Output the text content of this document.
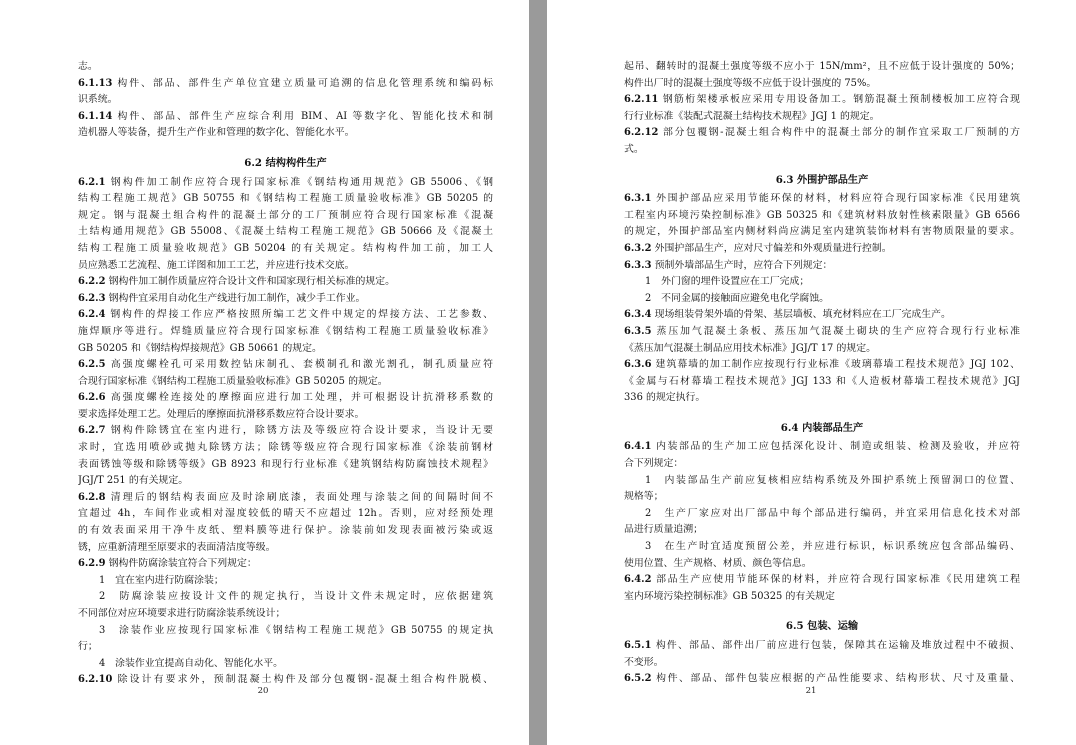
志。
6.1.13 构件、部品、部件生产单位宜建立质量可追溯的信息化管理系统和编码标
识系统。
6.1.14 构件、部品、部件生产应综合利用 BIM、AI 等数字化、智能化技术和制
造机器人等装备，提升生产作业和管理的数字化、智能化水平。
6.2 结构构件生产
6.2.1 钢构件加工制作应符合现行国家标准《钢结构通用规范》GB 55006、《钢
结构工程施工规范》GB 50755 和《钢结构工程施工质量验收标准》GB 50205 的
规定。钢与混凝土组合构件的混凝土部分的工厂预制应符合现行国家标准《混凝
土结构通用规范》GB 55008、《混凝土结构工程施工规范》GB 50666 及《混凝土
结构工程施工质量验收规范》GB 50204 的有关规定。结构构件加工前，加工人
员应熟悉工艺流程、施工详图和加工工艺，并应进行技术交底。
6.2.2 钢构件加工制作质量应符合设计文件和国家现行相关标准的规定。
6.2.3 钢构件宜采用自动化生产线进行加工制作，减少手工作业。
6.2.4 钢构件的焊接工作应严格按照所编工艺文件中规定的焊接方法、工艺参数、
施焊顺序等进行。焊缝质量应符合现行国家标准《钢结构工程施工质量验收标准》
GB 50205 和《钢结构焊接规范》GB 50661 的规定。
6.2.5 高强度螺栓孔可采用数控钻床制孔、套模制孔和激光割孔，制孔质量应符
合现行国家标准《钢结构工程施工质量验收标准》GB 50205 的规定。
6.2.6 高强度螺栓连接处的摩擦面应进行加工处理，并可根据设计抗滑移系数的
要求选择处理工艺。处理后的摩擦面抗滑移系数应符合设计要求。
6.2.7 钢构件除锈宜在室内进行，除锈方法及等级应符合设计要求，当设计无要
求时，宜选用喷砂或抛丸除锈方法；除锈等级应符合现行国家标准《涂装前钢材
表面锈蚀等级和除锈等级》GB 8923 和现行行业标准《建筑钢结构防腐蚀技术规程》
JGJ/T 251 的有关规定。
6.2.8 清理后的钢结构表面应及时涂刷底漆，表面处理与涂装之间的间隔时间不
宜超过 4h，车间作业或相对湿度较低的晴天不应超过 12h。否则，应对经预处理
的有效表面采用干净牛皮纸、塑料膜等进行保护。涂装前如发现表面被污染或返
锈，应重新清理至原要求的表面清洁度等级。
6.2.9 钢构件防腐涂装宜符合下列规定：
1　宜在室内进行防腐涂装；
2　防腐涂装应按设计文件的规定执行，当设计文件未规定时，应依据建筑
不同部位对应环境要求进行防腐涂装系统设计；
3　涂装作业应按现行国家标准《钢结构工程施工规范》GB 50755 的规定执
行；
4　涂装作业宜提高自动化、智能化水平。
6.2.10 除设计有要求外，预制混凝土构件及部分包覆钢-混凝土组合构件脱模、
20
起吊、翻转时的混凝土强度等级不应小于 15N/mm²，且不应低于设计强度的 50%；
构件出厂时的混凝土强度等级不应低于设计强度的 75%。
6.2.11 钢筋桁架楼承板应采用专用设备加工。钢筋混凝土预制楼板加工应符合现
行行业标准《装配式混凝土结构技术规程》JGJ 1 的规定。
6.2.12 部分包覆钢-混凝土组合构件中的混凝土部分的制作宜采取工厂预制的方
式。
6.3 外围护部品生产
6.3.1 外围护部品应采用节能环保的材料，材料应符合现行国家标准《民用建筑
工程室内环境污染控制标准》GB 50325 和《建筑材料放射性核素限量》GB 6566
的规定，外围护部品室内侧材料尚应满足室内建筑装饰材料有害物质限量的要求。
6.3.2 外围护部品生产，应对尺寸偏差和外观质量进行控制。
6.3.3 预制外墙部品生产时，应符合下列规定：
1　外门窗的埋件设置应在工厂完成；
2　不同金属的接触面应避免电化学腐蚀。
6.3.4 现场组装骨架外墙的骨架、基层墙板、填充材料应在工厂完成生产。
6.3.5 蒸压加气混凝土条板、蒸压加气混凝土砌块的生产应符合现行行业标准
《蒸压加气混凝土制品应用技术标准》JGJ/T 17 的规定。
6.3.6 建筑幕墙的加工制作应按现行行业标准《玻璃幕墙工程技术规范》JGJ 102、
《金属与石材幕墙工程技术规范》JGJ 133 和《人造板材幕墙工程技术规范》JGJ
336 的规定执行。
6.4 内装部品生产
6.4.1 内装部品的生产加工应包括深化设计、制造或组装、检测及验收，并应符
合下列规定：
1　内装部品生产前应复核相应结构系统及外围护系统上预留洞口的位置、
规格等；
2　生产厂家应对出厂部品中每个部品进行编码，并宜采用信息化技术对部
品进行质量追溯；
3　在生产时宜适度预留公差，并应进行标识，标识系统应包含部品编码、
使用位置、生产规格、材质、颜色等信息。
6.4.2 部品生产应使用节能环保的材料，并应符合现行国家标准《民用建筑工程
室内环境污染控制标准》GB 50325 的有关规定
6.5 包装、运输
6.5.1 构件、部品、部件出厂前应进行包装，保障其在运输及堆放过程中不破损、
不变形。
6.5.2 构件、部品、部件包装应根据的产品性能要求、结构形状、尺寸及重量、
21
